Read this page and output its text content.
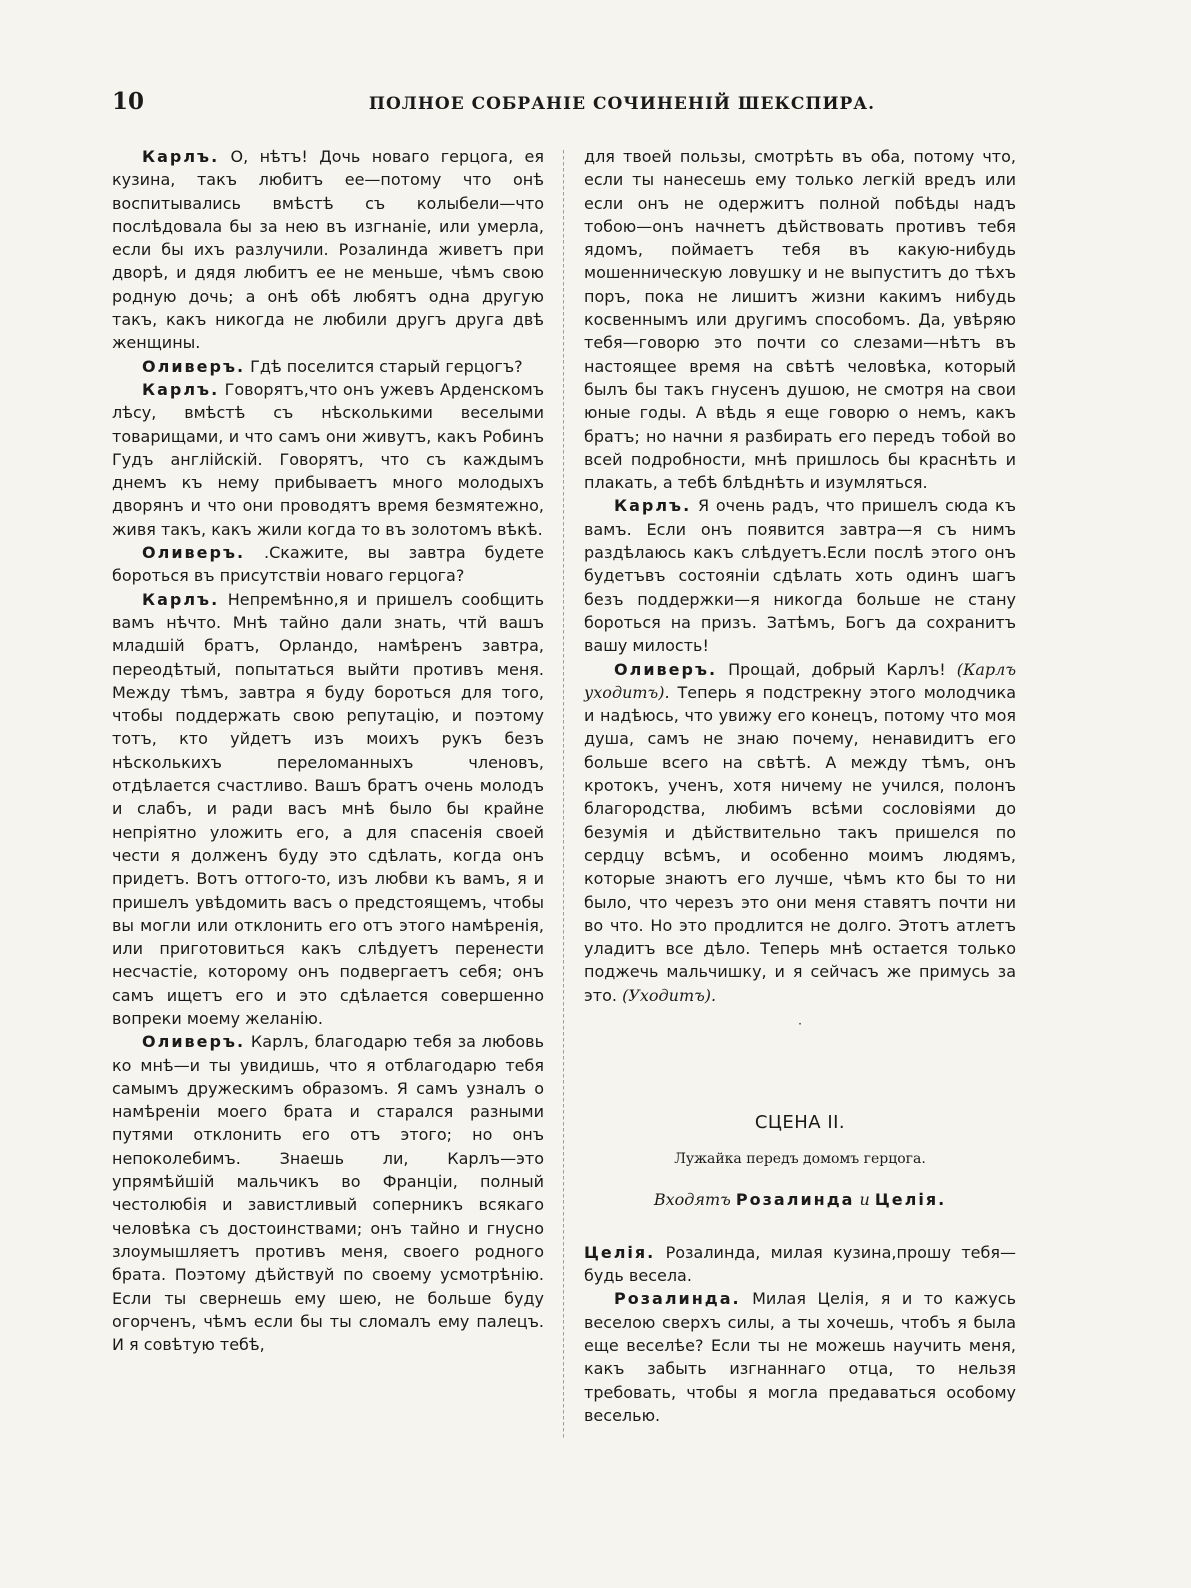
10	ПОЛНОЕ СОБРАНІЕ СОЧИНЕНІЙ ШЕКСПИРА.

Карлъ. О, нѣтъ! Дочь новаго герцога, ея кузина, такъ любитъ ее—потому что онѣ воспитывались вмѣстѣ съ колыбели—что послѣдовала бы за нею въ изгнаніе, или умерла, если бы ихъ разлучили. Розалинда живетъ при дворѣ, и дядя любитъ ее не меньше, чѣмъ свою родную дочь; а онѣ обѣ любятъ одна другую такъ, какъ никогда не любили другъ друга двѣ женщины.

Оливеръ. Гдѣ поселится старый герцогъ?

Карлъ. Говорятъ,что онъ ужевъ Арденскомъ лѣсу, вмѣстѣ съ нѣсколькими веселыми товарищами, и что самъ они живутъ, какъ Робинъ Гудъ англійскій. Говорятъ, что съ каждымъ днемъ къ нему прибываетъ много молодыхъ дворянъ и что они проводятъ время безмятежно, живя такъ, какъ жили когда то въ золотомъ вѣкѣ.

Оливеръ. .Скажите, вы завтра будете бороться въ присутствіи новаго герцога?

Карлъ. Непремѣнно,я и пришелъ сообщить вамъ нѣчто. Мнѣ тайно дали знать, чтй вашъ младшій братъ, Орландо, намѣренъ завтра, переодѣтый, попытаться выйти противъ меня. Между тѣмъ, завтра я буду бороться для того, чтобы поддержать свою репутацію, и поэтому тотъ, кто уйдетъ изъ моихъ рукъ безъ нѣсколькихъ переломанныхъ членовъ, отдѣлается счастливо. Вашъ братъ очень молодъ и слабъ, и ради васъ мнѣ было бы крайне непріятно уложить его, а для спасенія своей чести я долженъ буду это сдѣлать, когда онъ придетъ. Вотъ оттого-то, изъ любви къ вамъ, я и пришелъ увѣдомить васъ о предстоящемъ, чтобы вы могли или отклонить его отъ этого намѣренія, или приготовиться какъ слѣдуетъ перенести несчастіе, которому онъ подвергаетъ себя; онъ самъ ищетъ его и это сдѣлается совершенно вопреки моему желанію.

Оливеръ. Карлъ, благодарю тебя за любовь ко мнѣ—и ты увидишь, что я отблагодарю тебя самымъ дружескимъ образомъ. Я самъ узналъ о намѣреніи моего брата и старался разными путями отклонить его отъ этого; но онъ непоколебимъ. Знаешь ли, Карлъ—это упрямѣйшій мальчикъ во Франціи, полный честолюбія и завистливый соперникъ всякаго человѣка съ достоинствами; онъ тайно и гнусно злоумышляетъ противъ меня, своего родного брата. Поэтому дѣйствуй по своему усмотрѣнію. Если ты свернешь ему шею, не больше буду огорченъ, чѣмъ если бы ты сломалъ ему палецъ. И я совѣтую тебѣ,

для твоей пользы, смотрѣть въ оба, потому что, если ты нанесешь ему только легкій вредъ или если онъ не одержитъ полной побѣды надъ тобою—онъ начнетъ дѣйствовать противъ тебя ядомъ, поймаетъ тебя въ какую-нибудь мошенническую ловушку и не выпуститъ до тѣхъ поръ, пока не лишитъ жизни какимъ нибудь косвеннымъ или другимъ способомъ. Да, увѣряю тебя—говорю это почти со слезами—нѣтъ въ настоящее время на свѣтѣ человѣка, который былъ бы такъ гнусенъ душою, не смотря на свои юные годы. А вѣдь я еще говорю о немъ, какъ братъ; но начни я разбирать его передъ тобой во всей подробности, мнѣ пришлось бы краснѣть и плакать, а тебѣ блѣднѣть и изумляться.

Карлъ. Я очень радъ, что пришелъ сюда къ вамъ. Если онъ появится завтра—я съ нимъ раздѣлаюсь какъ слѣдуетъ.Если послѣ этого онъ будетъвъ состояніи сдѣлать хоть одинъ шагъ безъ поддержки—я никогда больше не стану бороться на призъ. Затѣмъ, Богъ да сохранитъ вашу милость!

Оливеръ. Прощай, добрый Карлъ! (Карлъ уходитъ). Теперь я подстрекну этого молодчика и надѣюсь, что увижу его конецъ, потому что моя душа, самъ не знаю почему, ненавидитъ его больше всего на свѣтѣ. А между тѣмъ, онъ кротокъ, ученъ, хотя ничему не учился, полонъ благородства, любимъ всѣми сословіями до безумія и дѣйствительно такъ пришелся по сердцу всѣмъ, и особенно моимъ людямъ, которые знаютъ его лучше, чѣмъ кто бы то ни было, что черезъ это они меня ставятъ почти ни во что. Но это продлится не долго. Этотъ атлетъ уладитъ все дѣло. Теперь мнѣ остается только поджечь мальчишку, и я сейчасъ же примусь за это. (Уходитъ).

·
СЦЕНА II.
Лужайка передъ домомъ герцога.
Входятъ Розалинда и Целія.

Целія. Розалинда, милая кузина,прошу тебя—будь весела.

Розалинда. Милая Целія, я и то кажусь веселою сверхъ силы, а ты хочешь, чтобъ я была еще веселѣе? Если ты не можешь научить меня, какъ забыть изгнаннаго отца, то нельзя требовать, чтобы я могла предаваться особому веселью.
